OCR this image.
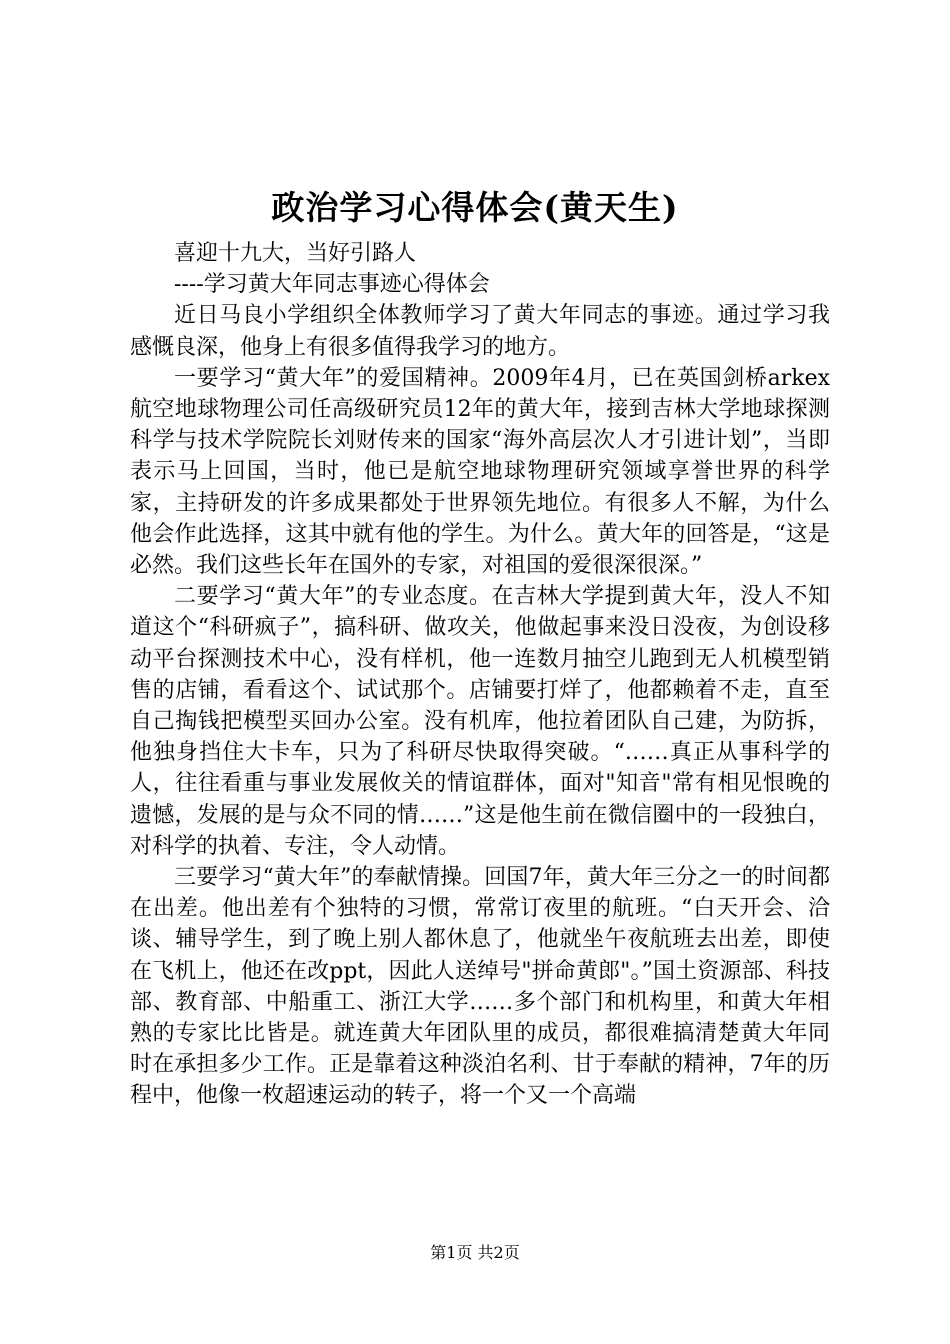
政治学习心得体会(黄天生)

喜迎十九大，当好引路人

----学习黄大年同志事迹心得体会

近日马良小学组织全体教师学习了黄大年同志的事迹。通过学习我感慨良深，他身上有很多值得我学习的地方。

一要学习“黄大年”的爱国精神。2009年4月，已在英国剑桥arkex航空地球物理公司任高级研究员12年的黄大年，接到吉林大学地球探测科学与技术学院院长刘财传来的国家“海外高层次人才引进计划”，当即表示马上回国，当时，他已是航空地球物理研究领域享誉世界的科学家，主持研发的许多成果都处于世界领先地位。有很多人不解，为什么他会作此选择，这其中就有他的学生。为什么。黄大年的回答是，“这是必然。我们这些长年在国外的专家，对祖国的爱很深很深。”

二要学习“黄大年”的专业态度。在吉林大学提到黄大年，没人不知道这个“科研疯子”，搞科研、做攻关，他做起事来没日没夜，为创设移动平台探测技术中心，没有样机，他一连数月抽空儿跑到无人机模型销售的店铺，看看这个、试试那个。店铺要打烊了，他都赖着不走，直至自己掏钱把模型买回办公室。没有机库，他拉着团队自己建，为防拆，他独身挡住大卡车，只为了科研尽快取得突破。“……真正从事科学的人，往往看重与事业发展攸关的情谊群体，面对"知音"常有相见恨晚的遗憾，发展的是与众不同的情……”这是他生前在微信圈中的一段独白，对科学的执着、专注，令人动情。

三要学习“黄大年”的奉献情操。回国7年，黄大年三分之一的时间都在出差。他出差有个独特的习惯，常常订夜里的航班。“白天开会、洽谈、辅导学生，到了晚上别人都休息了，他就坐午夜航班去出差，即使在飞机上，他还在改ppt，因此人送绰号"拼命黄郎"。”国土资源部、科技部、教育部、中船重工、浙江大学……多个部门和机构里，和黄大年相熟的专家比比皆是。就连黄大年团队里的成员，都很难搞清楚黄大年同时在承担多少工作。正是靠着这种淡泊名利、甘于奉献的精神，7年的历程中，他像一枚超速运动的转子，将一个又一个高端

第1页 共2页
